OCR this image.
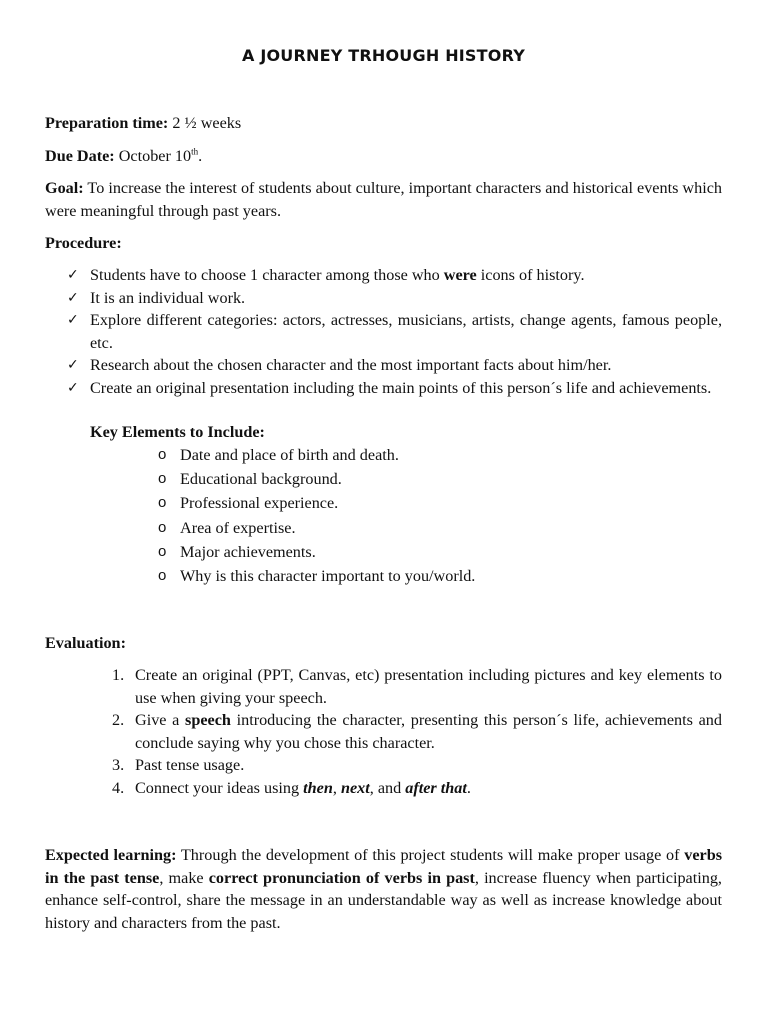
A JOURNEY TRHOUGH HISTORY

Preparation time: 2 ½ weeks

Due Date: October 10th.

Goal: To increase the interest of students about culture, important characters and historical events which were meaningful through past years.

Procedure:

✓ Students have to choose 1 character among those who were icons of history.
✓ It is an individual work.
✓ Explore different categories: actors, actresses, musicians, artists, change agents, famous people, etc.
✓ Research about the chosen character and the most important facts about him/her.
✓ Create an original presentation including the main points of this person´s life and achievements.

Key Elements to Include:

o Date and place of birth and death.
o Educational background.
o Professional experience.
o Area of expertise.
o Major achievements.
o Why is this character important to you/world.

Evaluation:

1. Create an original (PPT, Canvas, etc) presentation including pictures and key elements to use when giving your speech.
2. Give a speech introducing the character, presenting this person´s life, achievements and conclude saying why you chose this character.
3. Past tense usage.
4. Connect your ideas using then, next, and after that.

Expected learning: Through the development of this project students will make proper usage of verbs in the past tense, make correct pronunciation of verbs in past, increase fluency when participating, enhance self-control, share the message in an understandable way as well as increase knowledge about history and characters from the past.
